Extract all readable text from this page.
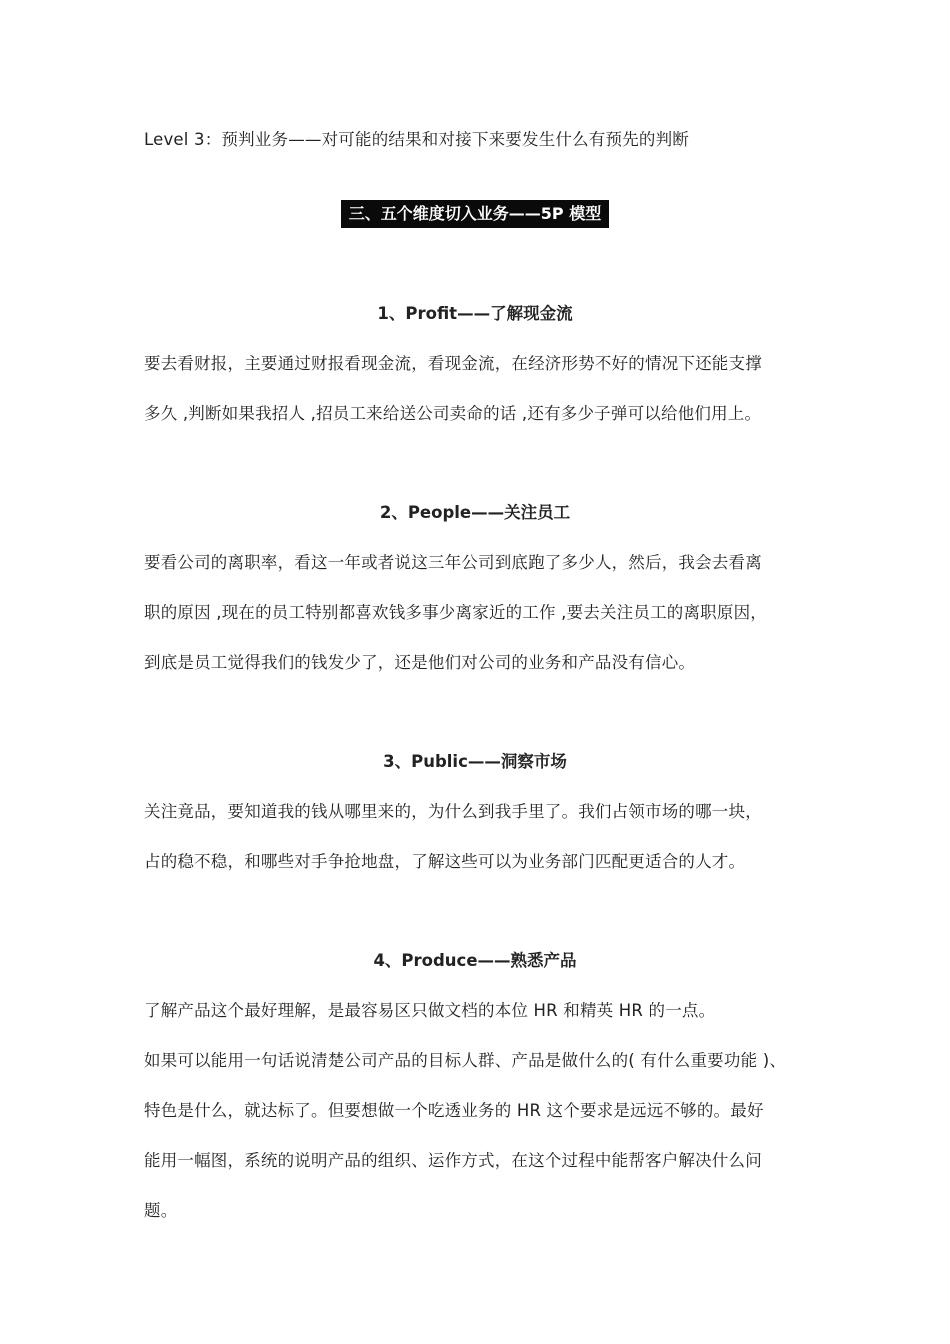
Level 3：预判业务——对可能的结果和对接下来要发生什么有预先的判断
三、五个维度切入业务——5P 模型
1、Profit——了解现金流
要去看财报，主要通过财报看现金流，看现金流，在经济形势不好的情况下还能支撑
多久 ,判断如果我招人 ,招员工来给送公司卖命的话 ,还有多少子弹可以给他们用上。
2、People——关注员工
要看公司的离职率，看这一年或者说这三年公司到底跑了多少人，然后，我会去看离
职的原因 ,现在的员工特别都喜欢钱多事少离家近的工作 ,要去关注员工的离职原因，
到底是员工觉得我们的钱发少了，还是他们对公司的业务和产品没有信心。
3、Public——洞察市场
关注竟品，要知道我的钱从哪里来的，为什么到我手里了。我们占领市场的哪一块，
占的稳不稳，和哪些对手争抢地盘，了解这些可以为业务部门匹配更适合的人才。
4、Produce——熟悉产品
了解产品这个最好理解，是最容易区只做文档的本位 HR 和精英 HR 的一点。
如果可以能用一句话说清楚公司产品的目标人群、产品是做什么的( 有什么重要功能 )、
特色是什么，就达标了。但要想做一个吃透业务的 HR 这个要求是远远不够的。最好
能用一幅图，系统的说明产品的组织、运作方式，在这个过程中能帮客户解决什么问
题。
